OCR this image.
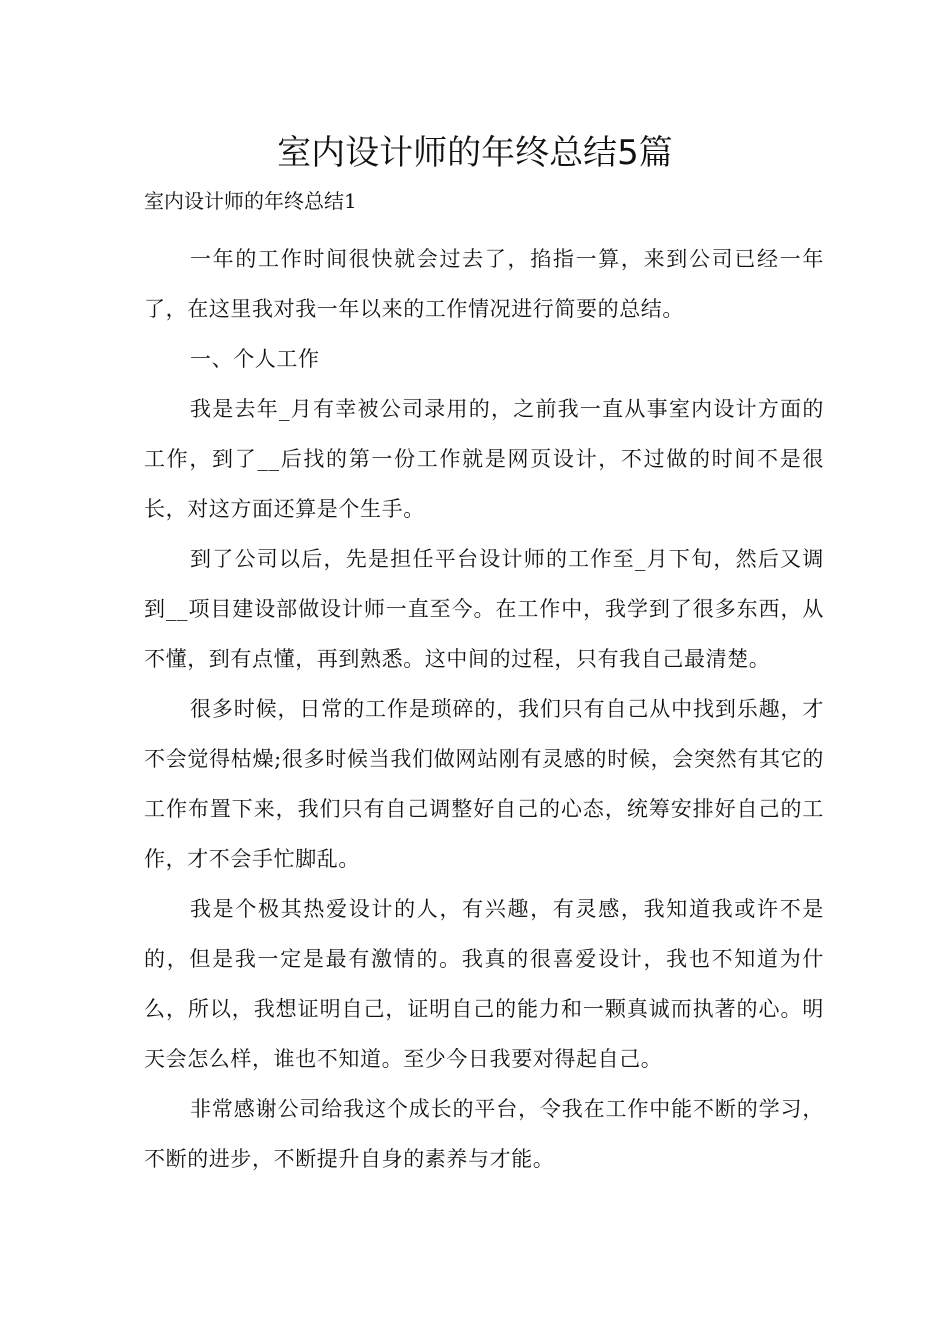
室内设计师的年终总结5篇

室内设计师的年终总结1

一年的工作时间很快就会过去了，掐指一算，来到公司已经一年了，在这里我对我一年以来的工作情况进行简要的总结。

一、个人工作

我是去年_月有幸被公司录用的，之前我一直从事室内设计方面的工作，到了__后找的第一份工作就是网页设计，不过做的时间不是很长，对这方面还算是个生手。

到了公司以后，先是担任平台设计师的工作至_月下旬，然后又调到__项目建设部做设计师一直至今。在工作中，我学到了很多东西，从不懂，到有点懂，再到熟悉。这中间的过程，只有我自己最清楚。

很多时候，日常的工作是琐碎的，我们只有自己从中找到乐趣，才不会觉得枯燥;很多时候当我们做网站刚有灵感的时候，会突然有其它的工作布置下来，我们只有自己调整好自己的心态，统筹安排好自己的工作，才不会手忙脚乱。

我是个极其热爱设计的人，有兴趣，有灵感，我知道我或许不是的，但是我一定是最有激情的。我真的很喜爱设计，我也不知道为什么，所以，我想证明自己，证明自己的能力和一颗真诚而执著的心。明天会怎么样，谁也不知道。至少今日我要对得起自己。

非常感谢公司给我这个成长的平台，令我在工作中能不断的学习，不断的进步，不断提升自身的素养与才能。
